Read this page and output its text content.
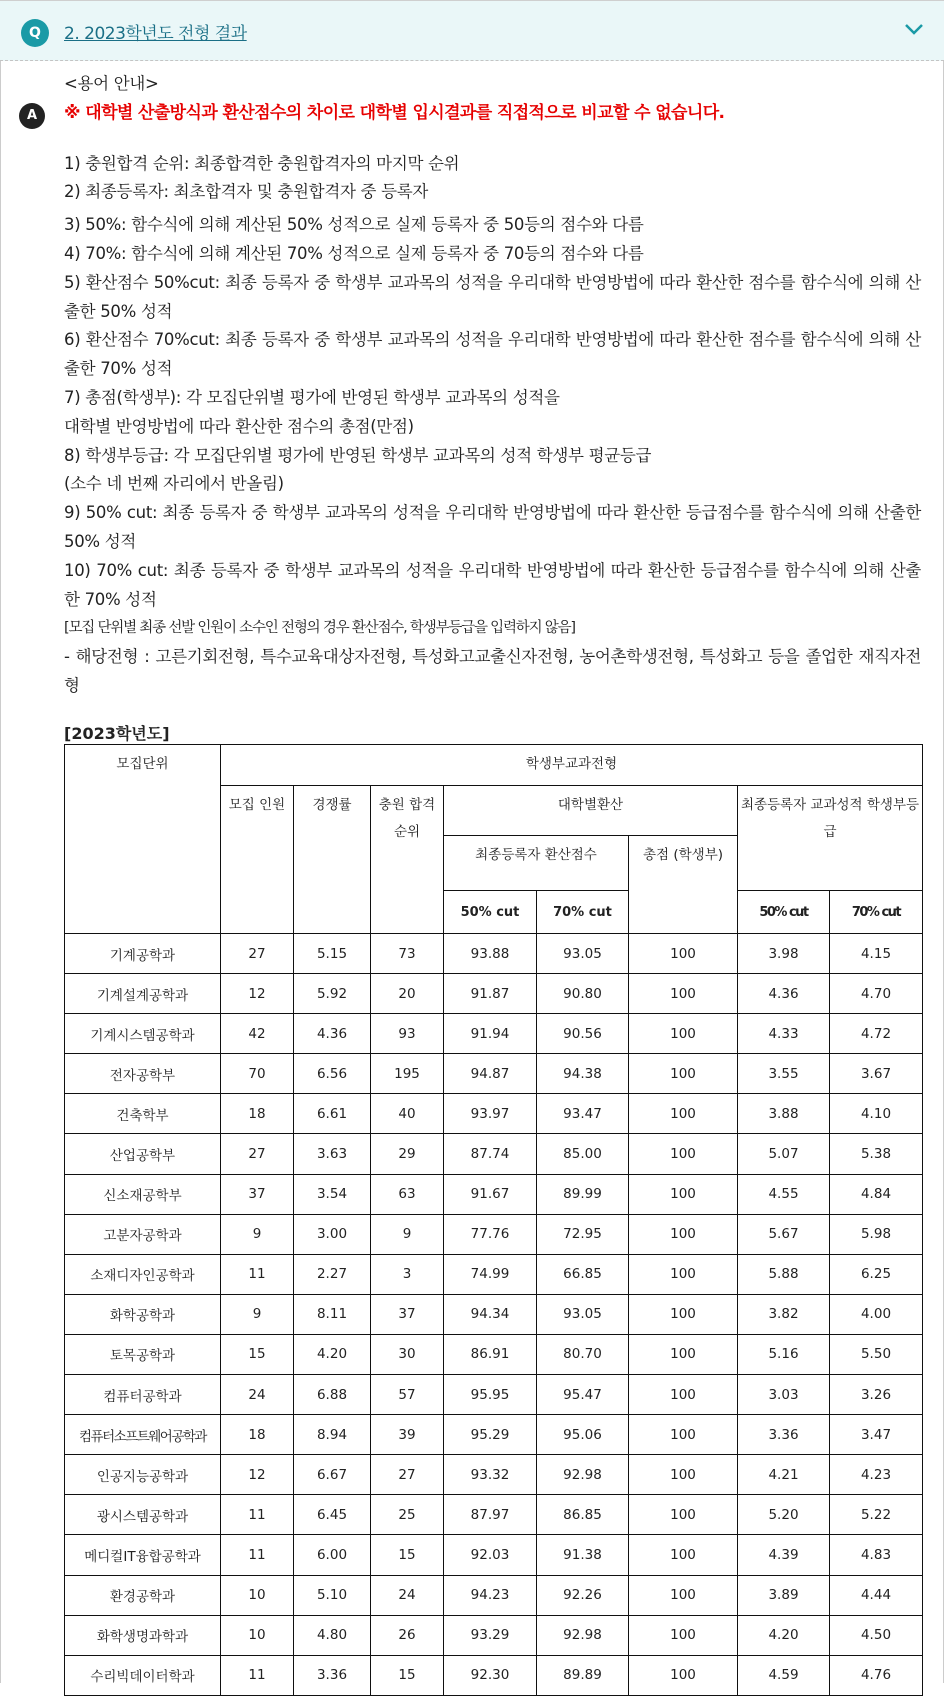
Q	2. 2023학년도 전형 결과
A

<용어 안내>

※ 대학별 산출방식과 환산점수의 차이로 대학별 입시결과를 직접적으로 비교할 수 없습니다.

1) 충원합격 순위: 최종합격한 충원합격자의 마지막 순위

2) 최종등록자: 최초합격자 및 충원합격자 중 등록자

3) 50%: 함수식에 의해 계산된 50% 성적으로 실제 등록자 중 50등의 점수와 다름

4) 70%: 함수식에 의해 계산된 70% 성적으로 실제 등록자 중 70등의 점수와 다름

5) 환산점수 50%cut: 최종 등록자 중 학생부 교과목의 성적을 우리대학 반영방법에 따라 환산한 점수를 함수식에 의해 산출한 50% 성적

6) 환산점수 70%cut: 최종 등록자 중 학생부 교과목의 성적을 우리대학 반영방법에 따라 환산한 점수를 함수식에 의해 산출한 70% 성적

7) 총점(학생부): 각 모집단위별 평가에 반영된 학생부 교과목의 성적을

대학별 반영방법에 따라 환산한 점수의 총점(만점)

8) 학생부등급: 각 모집단위별 평가에 반영된 학생부 교과목의 성적 학생부 평균등급

(소수 네 번째 자리에서 반올림)

9) 50% cut: 최종 등록자 중 학생부 교과목의 성적을 우리대학 반영방법에 따라 환산한 등급점수를 함수식에 의해 산출한 50% 성적

10) 70% cut: 최종 등록자 중 학생부 교과목의 성적을 우리대학 반영방법에 따라 환산한 등급점수를 함수식에 의해 산출한 70% 성적

[모집 단위별 최종 선발 인원이 소수인 전형의 경우 환산점수, 학생부등급을 입력하지 않음]

- 해당전형 : 고른기회전형, 특수교육대상자전형, 특성화고교출신자전형, 농어촌학생전형, 특성화고 등을 졸업한 재직자전형

[2023학년도]
모집단위	학생부교과전형							
	모집 인원	경쟁률	충원 합격 순위	대학별환산			최종등록자 교과성적 학생부등급	
				최종등록자 환산점수		총점 (학생부)		
				50% cut	70% cut		50% cut	70% cut
기계공학과	27	5.15	73	93.88	93.05	100	3.98	4.15
기계설계공학과	12	5.92	20	91.87	90.80	100	4.36	4.70
기계시스템공학과	42	4.36	93	91.94	90.56	100	4.33	4.72
전자공학부	70	6.56	195	94.87	94.38	100	3.55	3.67
건축학부	18	6.61	40	93.97	93.47	100	3.88	4.10
산업공학부	27	3.63	29	87.74	85.00	100	5.07	5.38
신소재공학부	37	3.54	63	91.67	89.99	100	4.55	4.84
고분자공학과	9	3.00	9	77.76	72.95	100	5.67	5.98
소재디자인공학과	11	2.27	3	74.99	66.85	100	5.88	6.25
화학공학과	9	8.11	37	94.34	93.05	100	3.82	4.00
토목공학과	15	4.20	30	86.91	80.70	100	5.16	5.50
컴퓨터공학과	24	6.88	57	95.95	95.47	100	3.03	3.26
컴퓨터소프트웨어공학과	18	8.94	39	95.29	95.06	100	3.36	3.47
인공지능공학과	12	6.67	27	93.32	92.98	100	4.21	4.23
광시스템공학과	11	6.45	25	87.97	86.85	100	5.20	5.22
메디컬IT융합공학과	11	6.00	15	92.03	91.38	100	4.39	4.83
환경공학과	10	5.10	24	94.23	92.26	100	3.89	4.44
화학생명과학과	10	4.80	26	93.29	92.98	100	4.20	4.50
수리빅데이터학과	11	3.36	15	92.30	89.89	100	4.59	4.76
